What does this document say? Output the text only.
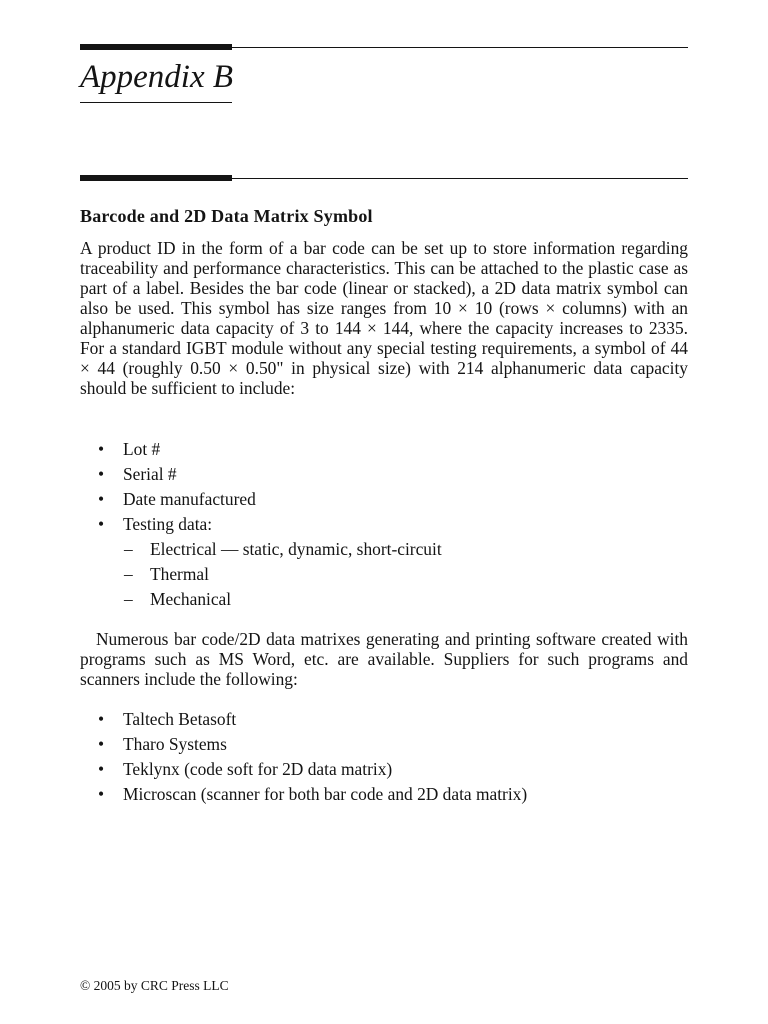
Appendix B
Barcode and 2D Data Matrix Symbol

A product ID in the form of a bar code can be set up to store information regarding traceability and performance characteristics. This can be attached to the plastic case as part of a label. Besides the bar code (linear or stacked), a 2D data matrix symbol can also be used. This symbol has size ranges from 10 × 10 (rows × columns) with an alphanumeric data capacity of 3 to 144 × 144, where the capacity increases to 2335. For a standard IGBT module without any special testing requirements, a symbol of 44 × 44 (roughly 0.50 × 0.50" in physical size) with 214 alphanumeric data capacity should be sufficient to include:

• Lot #
• Serial #
• Date manufactured
• Testing data:
– Electrical — static, dynamic, short-circuit
– Thermal
– Mechanical

Numerous bar code/2D data matrixes generating and printing software created with programs such as MS Word, etc. are available. Suppliers for such programs and scanners include the following:

• Taltech Betasoft
• Tharo Systems
• Teklynx (code soft for 2D data matrix)
• Microscan (scanner for both bar code and 2D data matrix)
© 2005 by CRC Press LLC
